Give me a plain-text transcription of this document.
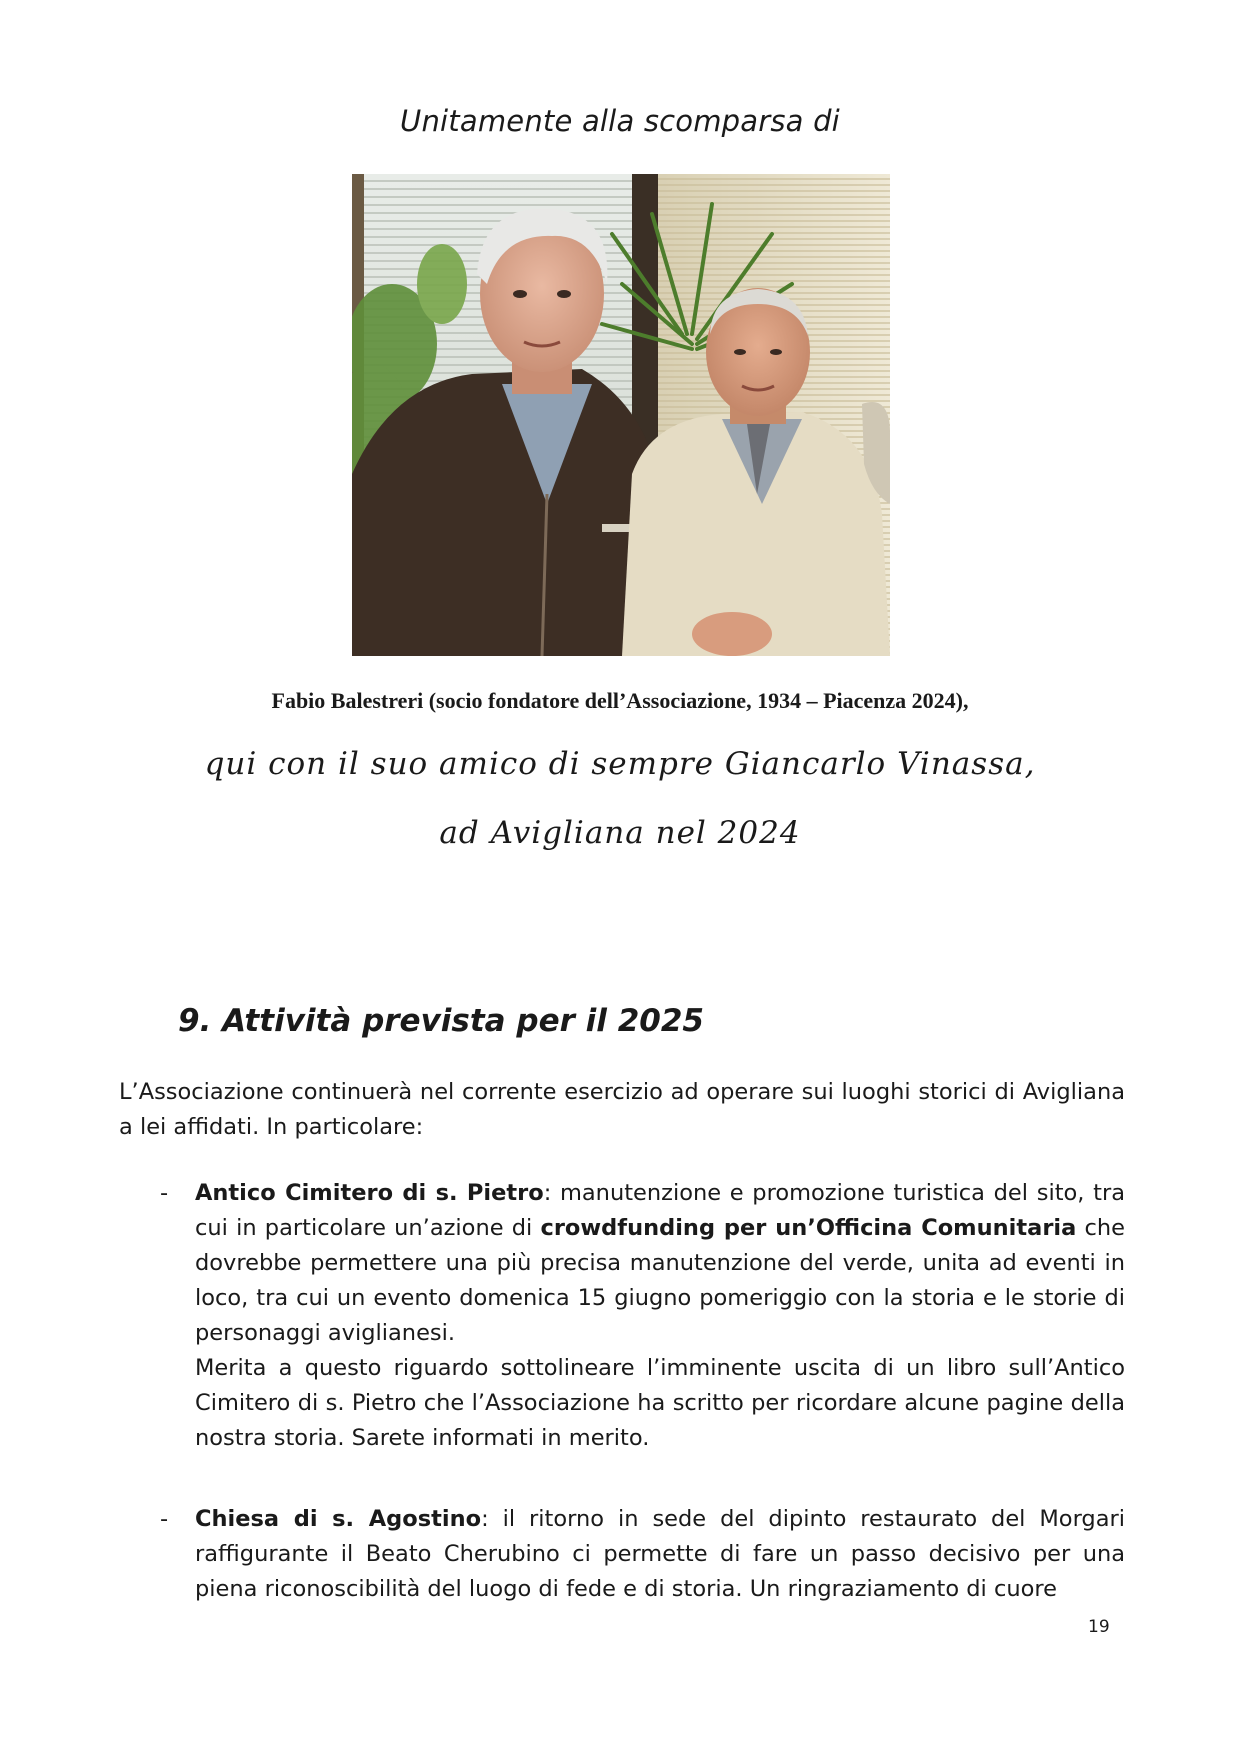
Unitamente alla scomparsa di
Fabio Balestreri (socio fondatore dell’Associazione, 1934 – Piacenza 2024),
qui con il suo amico di sempre Giancarlo Vinassa,
ad Avigliana nel 2024
9. Attività prevista per il 2025

L’Associazione continuerà nel corrente esercizio ad operare sui luoghi storici di Avigliana a lei affidati. In particolare:

- Antico Cimitero di s. Pietro: manutenzione e promozione turistica del sito, tra cui in particolare un’azione di crowdfunding per un’Officina Comunitaria che dovrebbe permettere una più precisa manutenzione del verde, unita ad eventi in loco, tra cui un evento domenica 15 giugno pomeriggio con la storia e le storie di personaggi aviglianesi.

Merita a questo riguardo sottolineare l’imminente uscita di un libro sull’Antico Cimitero di s. Pietro che l’Associazione ha scritto per ricordare alcune pagine della nostra storia. Sarete informati in merito.

- Chiesa di s. Agostino: il ritorno in sede del dipinto restaurato del Morgari raffigurante il Beato Cherubino ci permette di fare un passo decisivo per una piena riconoscibilità del luogo di fede e di storia. Un ringraziamento di cuore

19
